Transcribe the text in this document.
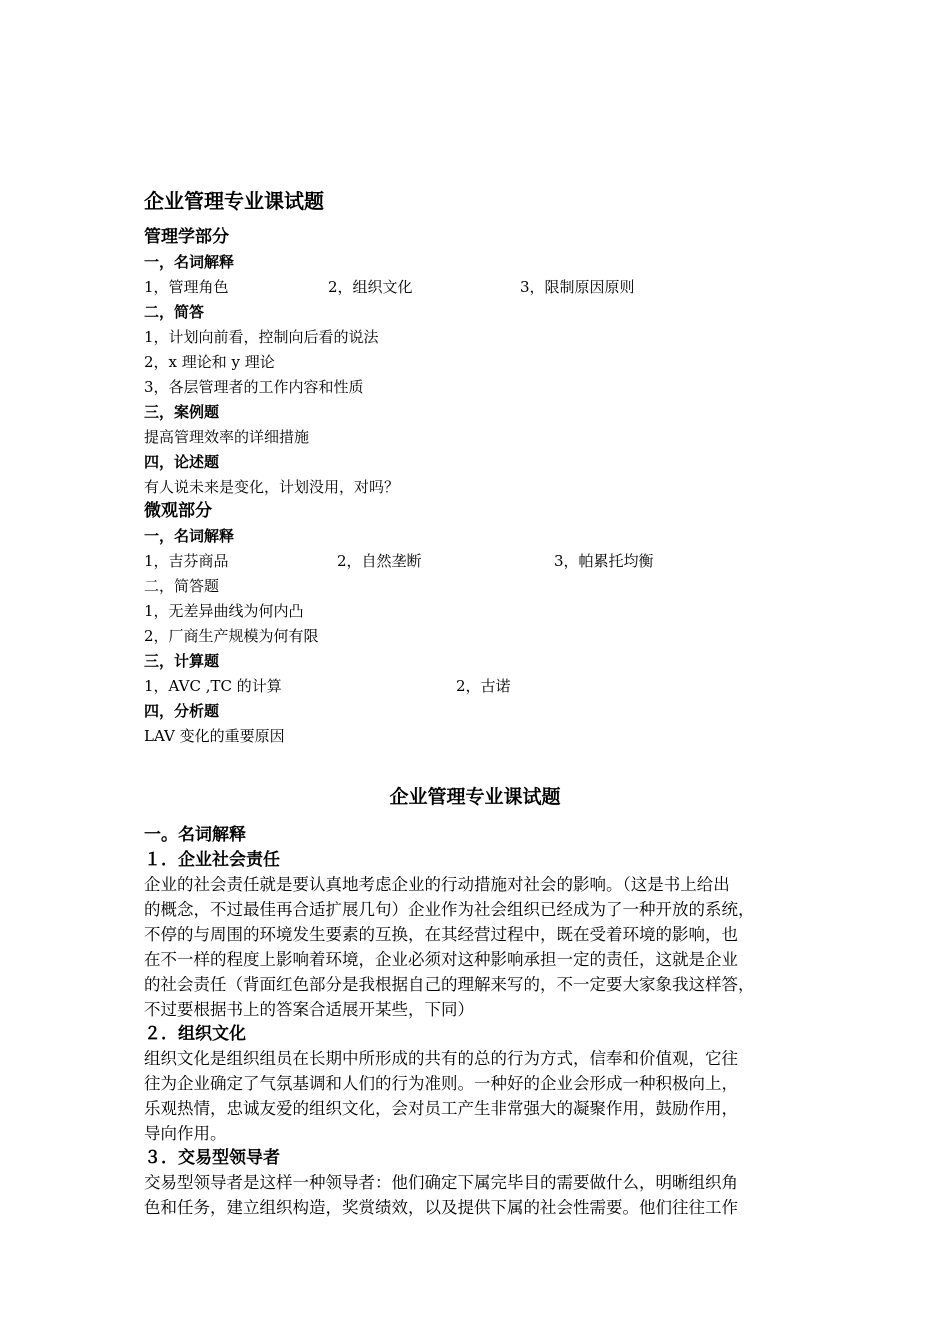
企业管理专业课试题
管理学部分
一，名词解释
1，管理角色	2，组织文化	3，限制原因原则
二，简答
1，计划向前看，控制向后看的说法
2，x 理论和 y 理论
3，各层管理者的工作内容和性质
三，案例题
提高管理效率的详细措施
四，论述题
有人说未来是变化，计划没用，对吗？
微观部分
一，名词解释
1，吉芬商品	2，自然垄断	3，帕累托均衡
二，简答题
1，无差异曲线为何内凸
2，厂商生产规模为何有限
三，计算题
1，AVC ,TC 的计算	2，古诺
四，分析题
LAV 变化的重要原因
企业管理专业课试题
一。名词解释
１．企业社会责任
企业的社会责任就是要认真地考虑企业的行动措施对社会的影响。（这是书上给出
的概念，不过最佳再合适扩展几句）企业作为社会组织已经成为了一种开放的系统，
不停的与周围的环境发生要素的互换，在其经营过程中，既在受着环境的影响，也
在不一样的程度上影响着环境，企业必须对这种影响承担一定的责任，这就是企业
的社会责任（背面红色部分是我根据自己的理解来写的，不一定要大家象我这样答，
不过要根据书上的答案合适展开某些，下同）
２．组织文化
组织文化是组织组员在长期中所形成的共有的总的行为方式，信奉和价值观，它往
往为企业确定了气氛基调和人们的行为准则。一种好的企业会形成一种积极向上，
乐观热情，忠诚友爱的组织文化，会对员工产生非常强大的凝聚作用，鼓励作用，
导向作用。
３．交易型领导者
交易型领导者是这样一种领导者：他们确定下属完毕目的需要做什么，明晰组织角
色和任务，建立组织构造，奖赏绩效，以及提供下属的社会性需要。他们往往工作
